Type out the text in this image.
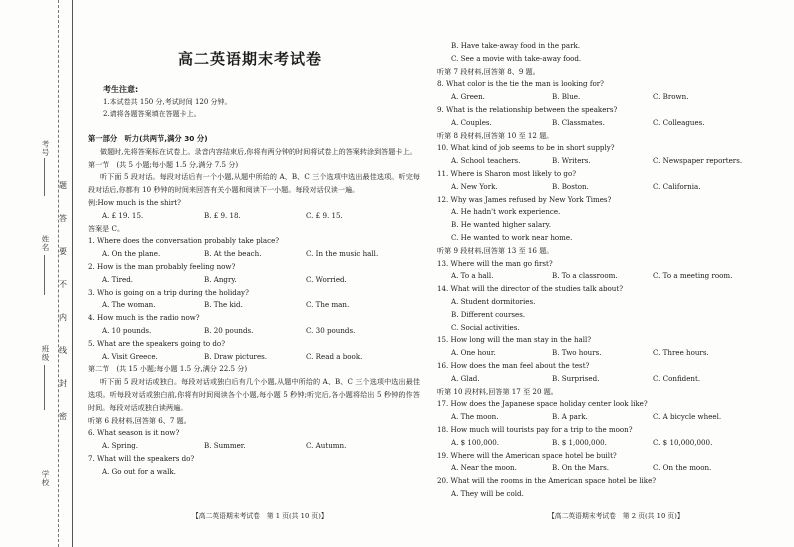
考号
姓名
班级
学校
题
答
要
不
内
线
封
密
高二英语期末考试卷
考生注意:
1.本试卷共 150 分,考试时间 120 分钟。
2.请将各题答案填在答题卡上。
第一部分　听力(共两节,满分 30 分)
做题时,先将答案标在试卷上。录音内容结束后,你将有两分钟的时间将试卷上的答案转涂到答题卡上。
第一节　(共 5 小题;每小题 1.5 分,满分 7.5 分)
听下面 5 段对话。每段对话后有一个小题,从题中所给的 A、B、C 三个选项中选出最佳选项。听完每段对话后,你都有 10 秒钟的时间来回答有关小题和阅读下一小题。每段对话仅读一遍。
例:How much is the shirt?
A. £ 19. 15.	B. £ 9. 18.	C. £ 9. 15.
答案是 C。
1. Where does the conversation probably take place?
A. On the plane.	B. At the beach.	C. In the music hall.
2. How is the man probably feeling now?
A. Tired.	B. Angry.	C. Worried.
3. Who is going on a trip during the holiday?
A. The woman.	B. The kid.	C. The man.
4. How much is the radio now?
A. 10 pounds.	B. 20 pounds.	C. 30 pounds.
5. What are the speakers going to do?
A. Visit Greece.	B. Draw pictures.	C. Read a book.
第二节　(共 15 小题;每小题 1.5 分,满分 22.5 分)
听下面 5 段对话或独白。每段对话或独白后有几个小题,从题中所给的 A、B、C 三个选项中选出最佳选项。听每段对话或独白前,你将有时间阅读各个小题,每小题 5 秒钟;听完后,各小题将给出 5 秒钟的作答时间。每段对话或独白读两遍。
听第 6 段材料,回答第 6、7 题。
6. What season is it now?
A. Spring.	B. Summer.	C. Autumn.
7. What will the speakers do?
A. Go out for a walk.
【高二英语期末考试卷　第 1 页(共 10 页)】
B. Have take-away food in the park.
C. See a movie with take-away food.
听第 7 段材料,回答第 8、9 题。
8. What color is the tie the man is looking for?
A. Green.	B. Blue.	C. Brown.
9. What is the relationship between the speakers?
A. Couples.	B. Classmates.	C. Colleagues.
听第 8 段材料,回答第 10 至 12 题。
10. What kind of job seems to be in short supply?
A. School teachers.	B. Writers.	C. Newspaper reporters.
11. Where is Sharon most likely to go?
A. New York.	B. Boston.	C. California.
12. Why was James refused by New York Times?
A. He hadn't work experience.
B. He wanted higher salary.
C. He wanted to work near home.
听第 9 段材料,回答第 13 至 16 题。
13. Where will the man go first?
A. To a hall.	B. To a classroom.	C. To a meeting room.
14. What will the director of the studies talk about?
A. Student dormitories.
B. Different courses.
C. Social activities.
15. How long will the man stay in the hall?
A. One hour.	B. Two hours.	C. Three hours.
16. How does the man feel about the test?
A. Glad.	B. Surprised.	C. Confident.
听第 10 段材料,回答第 17 至 20 题。
17. How does the Japanese space holiday center look like?
A. The moon.	B. A park.	C. A bicycle wheel.
18. How much will tourists pay for a trip to the moon?
A. $ 100,000.	B. $ 1,000,000.	C. $ 10,000,000.
19. Where will the American space hotel be built?
A. Near the moon.	B. On the Mars.	C. On the moon.
20. What will the rooms in the American space hotel be like?
A. They will be cold.
【高二英语期末考试卷　第 2 页(共 10 页)】
